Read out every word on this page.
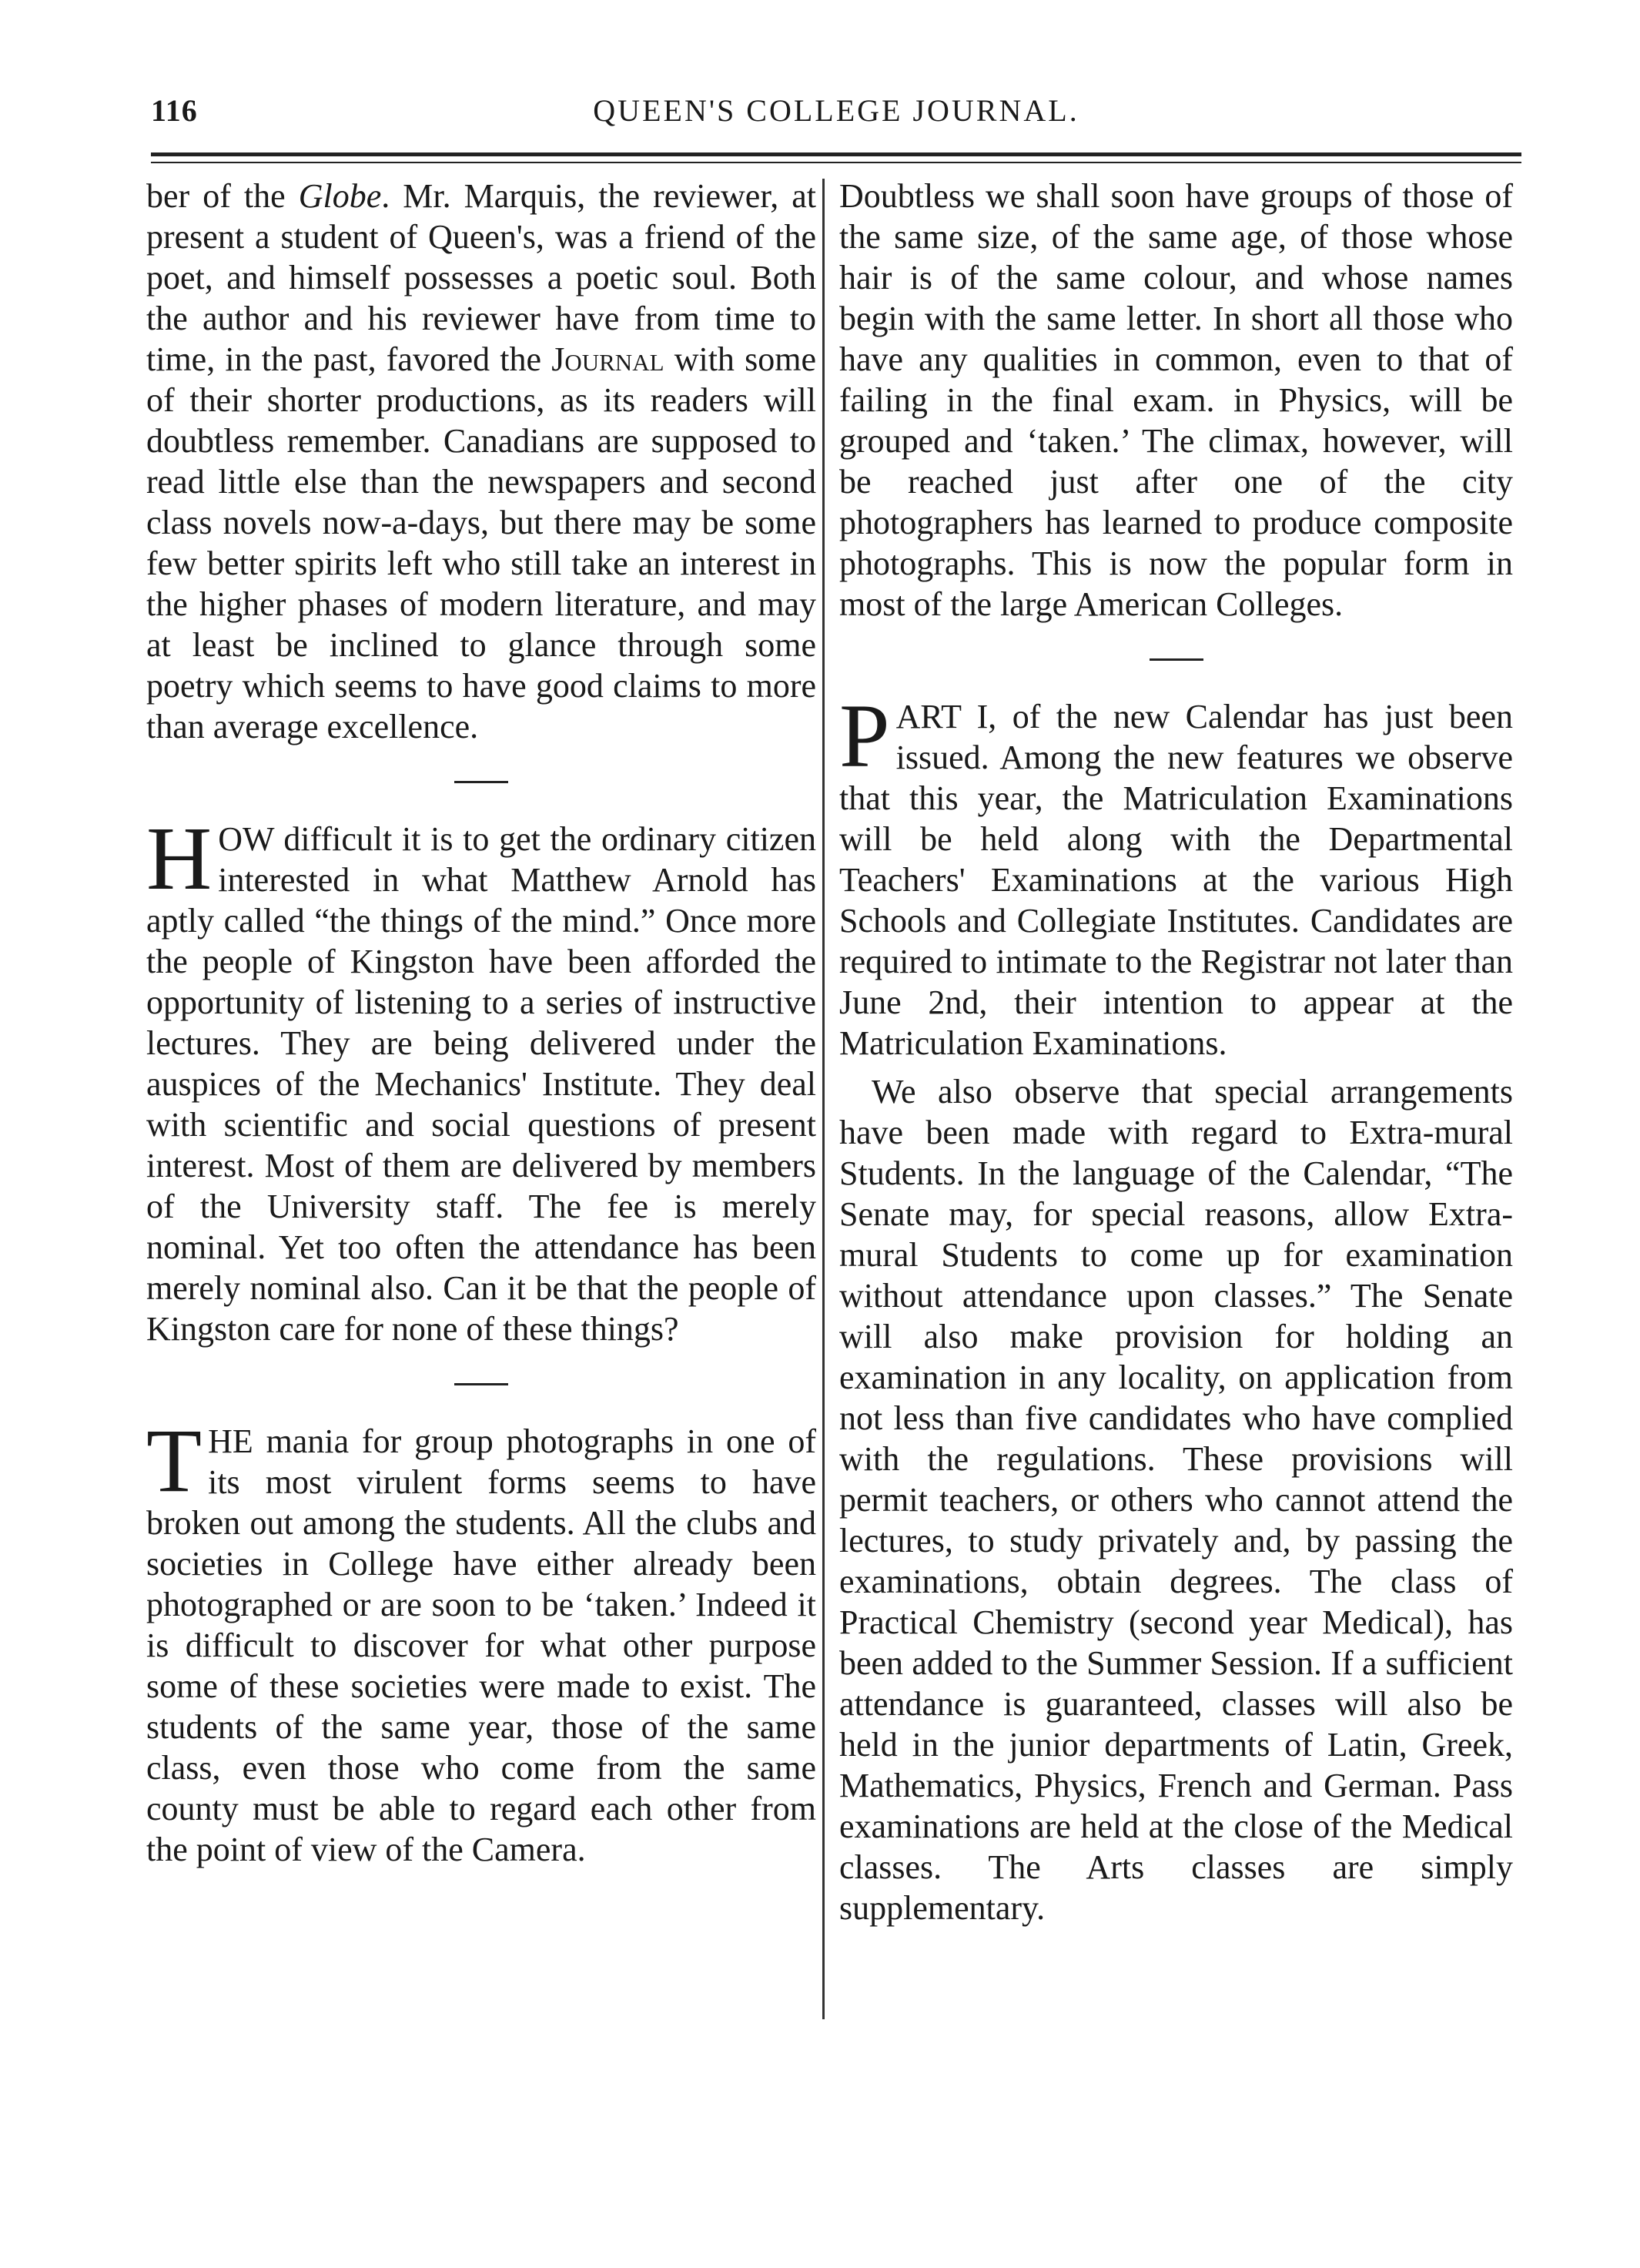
116	QUEEN'S COLLEGE JOURNAL.

ber of the Globe. Mr. Marquis, the reviewer, at present a student of Queen's, was a friend of the poet, and himself possesses a poetic soul. Both the author and his reviewer have from time to time, in the past, favored the Journal with some of their shorter productions, as its readers will doubtless remember. Canadians are supposed to read little else than the newspapers and second class novels now-a-days, but there may be some few better spirits left who still take an interest in the higher phases of modern literature, and may at least be inclined to glance through some poetry which seems to have good claims to more than average excellence.

HOW difficult it is to get the ordinary citizen interested in what Matthew Arnold has aptly called “the things of the mind.” Once more the people of Kingston have been afforded the opportunity of listening to a series of instructive lectures. They are being delivered under the auspices of the Mechanics' Institute. They deal with scientific and social questions of present interest. Most of them are delivered by members of the University staff. The fee is merely nominal. Yet too often the attendance has been merely nominal also. Can it be that the people of Kingston care for none of these things?

THE mania for group photographs in one of its most virulent forms seems to have broken out among the students. All the clubs and societies in College have either already been photographed or are soon to be ‘taken.’ Indeed it is difficult to discover for what other purpose some of these societies were made to exist. The students of the same year, those of the same class, even those who come from the same county must be able to regard each other from the point of view of the Camera.

Doubtless we shall soon have groups of those of the same size, of the same age, of those whose hair is of the same colour, and whose names begin with the same letter. In short all those who have any qualities in common, even to that of failing in the final exam. in Physics, will be grouped and ‘taken.’ The climax, however, will be reached just after one of the city photographers has learned to produce composite photographs. This is now the popular form in most of the large American Colleges.

PART I, of the new Calendar has just been issued. Among the new features we observe that this year, the Matriculation Examinations will be held along with the Departmental Teachers' Examinations at the various High Schools and Collegiate Institutes. Candidates are required to intimate to the Registrar not later than June 2nd, their intention to appear at the Matriculation Examinations.

We also observe that special arrangements have been made with regard to Extra-mural Students. In the language of the Calendar, “The Senate may, for special reasons, allow Extra-mural Students to come up for examination without attendance upon classes.” The Senate will also make provision for holding an examination in any locality, on application from not less than five candidates who have complied with the regulations. These provisions will permit teachers, or others who cannot attend the lectures, to study privately and, by passing the examinations, obtain degrees. The class of Practical Chemistry (second year Medical), has been added to the Summer Session. If a sufficient attendance is guaranteed, classes will also be held in the junior departments of Latin, Greek, Mathematics, Physics, French and German. Pass examinations are held at the close of the Medical classes. The Arts classes are simply supplementary.
